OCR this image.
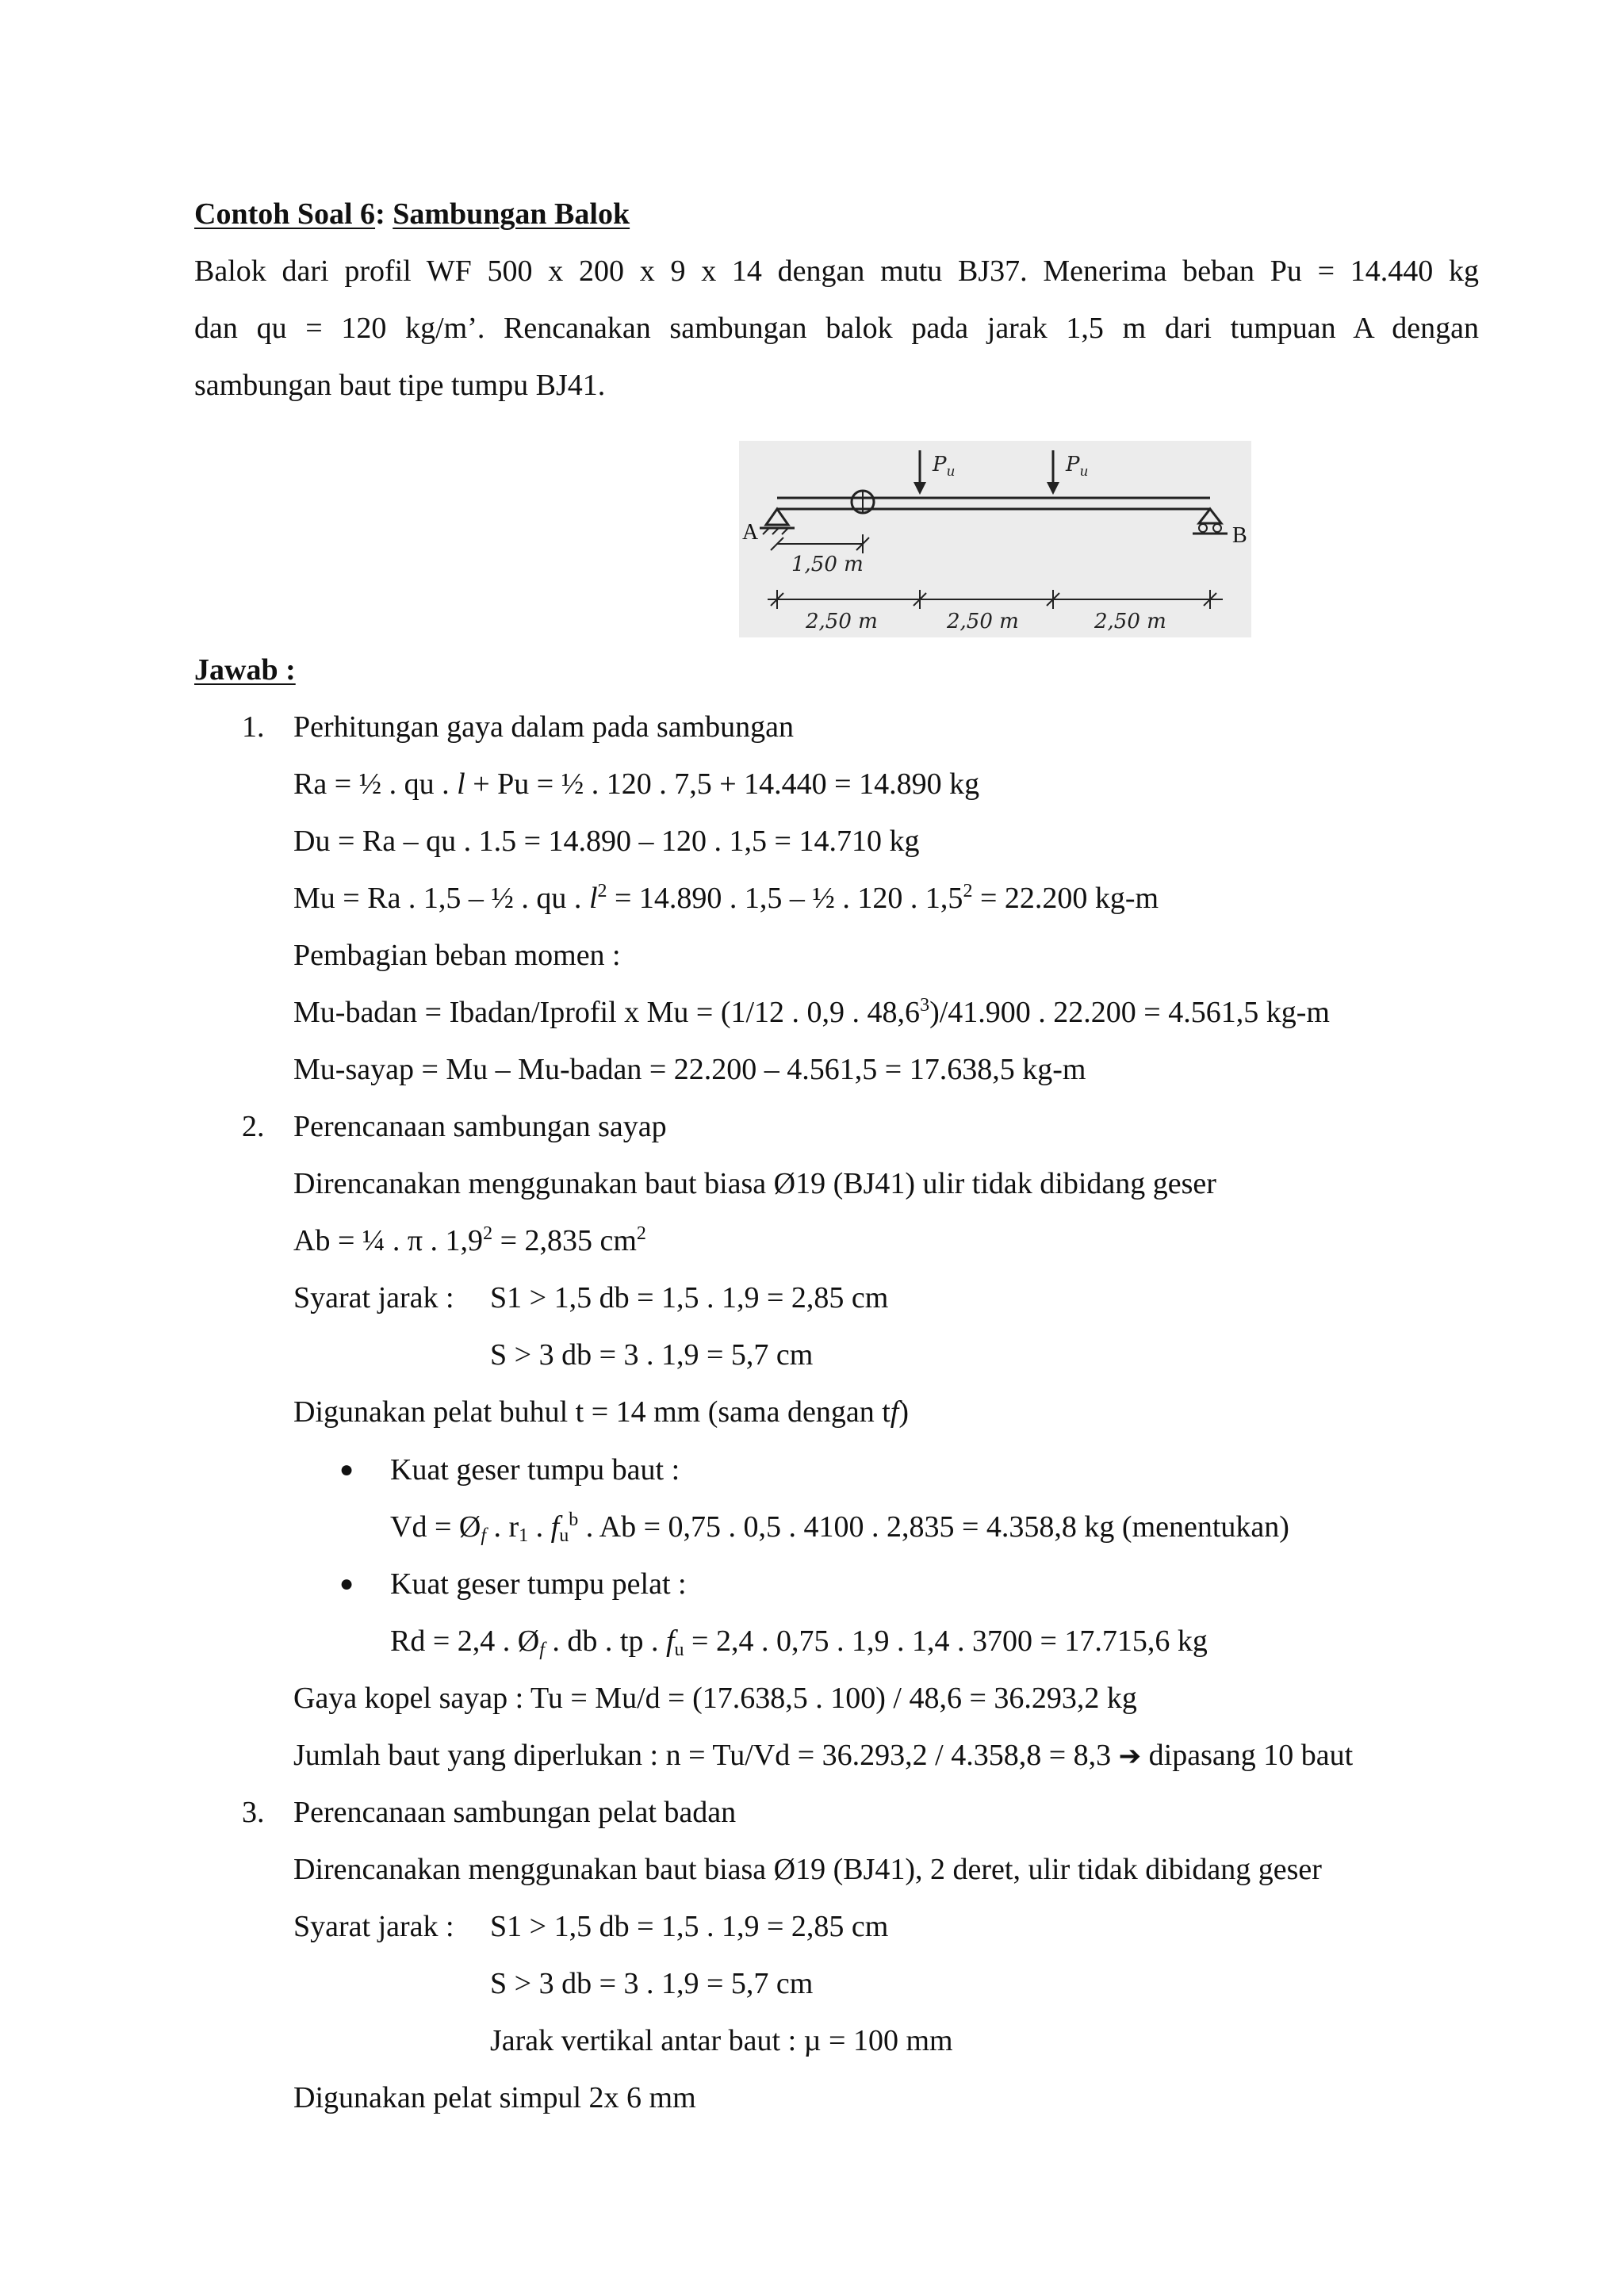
Contoh Soal 6: Sambungan Balok
Balok dari profil WF 500 x 200 x 9 x 14 dengan mutu BJ37. Menerima beban Pu = 14.440 kg
dan qu = 120 kg/m’. Rencanakan sambungan balok pada jarak 1,5 m dari tumpuan A dengan
sambungan baut tipe tumpu BJ41.
$P_u$	$P_u$
A	B
1,50 m
2,50 m	2,50 m	2,50 m
Jawab :
1. Perhitungan gaya dalam pada sambungan
Ra = ½ . qu . l + Pu = ½ . 120 . 7,5 + 14.440 = 14.890 kg
Du = Ra – qu . 1.5 = 14.890 – 120 . 1,5 = 14.710 kg
Mu = Ra . 1,5 – ½ . qu . $l^2 = 14.890$ . 1,5 – ½ . 120 . $1,5^2 = 22.200$ kg-m
Pembagian beban momen :
Mu-badan = Ibadan/Iprofil x Mu = (1/12 . 0,9 . 48,6$^3$)/41.900 . 22.200 = 4.561,5 kg-m
Mu-sayap = Mu – Mu-badan = 22.200 – 4.561,5 = 17.638,5 kg-m
2. Perencanaan sambungan sayap
Direncanakan menggunakan baut biasa Ø19 (BJ41) ulir tidak dibidang geser
Ab = ¼ . π . $1,9^2 = 2,835$ $cm^2$
Syarat jarak : S1 > 1,5 db = 1,5 . 1,9 = 2,85 cm
S > 3 db = 3 . 1,9 = 5,7 cm
Digunakan pelat buhul t = 14 mm (sama dengan tf)
● Kuat geser tumpu baut :
$Vd = Ø_f$ . $r_1$ . $f_u^b$ . Ab = 0,75 . 0,5 . 4100 . 2,835 = 4.358,8 kg (menentukan)
● Kuat geser tumpu pelat :
Rd = 2,4 . $Ø_f$ . db . tp . $f_u = 2,4$ . 0,75 . 1,9 . 1,4 . 3700 = 17.715,6 kg
Gaya kopel sayap : Tu = Mu/d = (17.638,5 . 100) / 48,6 = 36.293,2 kg
Jumlah baut yang diperlukan : n = Tu/Vd = 36.293,2 / 4.358,8 = 8,3 ➔ dipasang 10 baut
3. Perencanaan sambungan pelat badan
Direncanakan menggunakan baut biasa Ø19 (BJ41), 2 deret, ulir tidak dibidang geser
Syarat jarak : S1 > 1,5 db = 1,5 . 1,9 = 2,85 cm
S > 3 db = 3 . 1,9 = 5,7 cm
Jarak vertikal antar baut : µ = 100 mm
Digunakan pelat simpul 2x 6 mm
